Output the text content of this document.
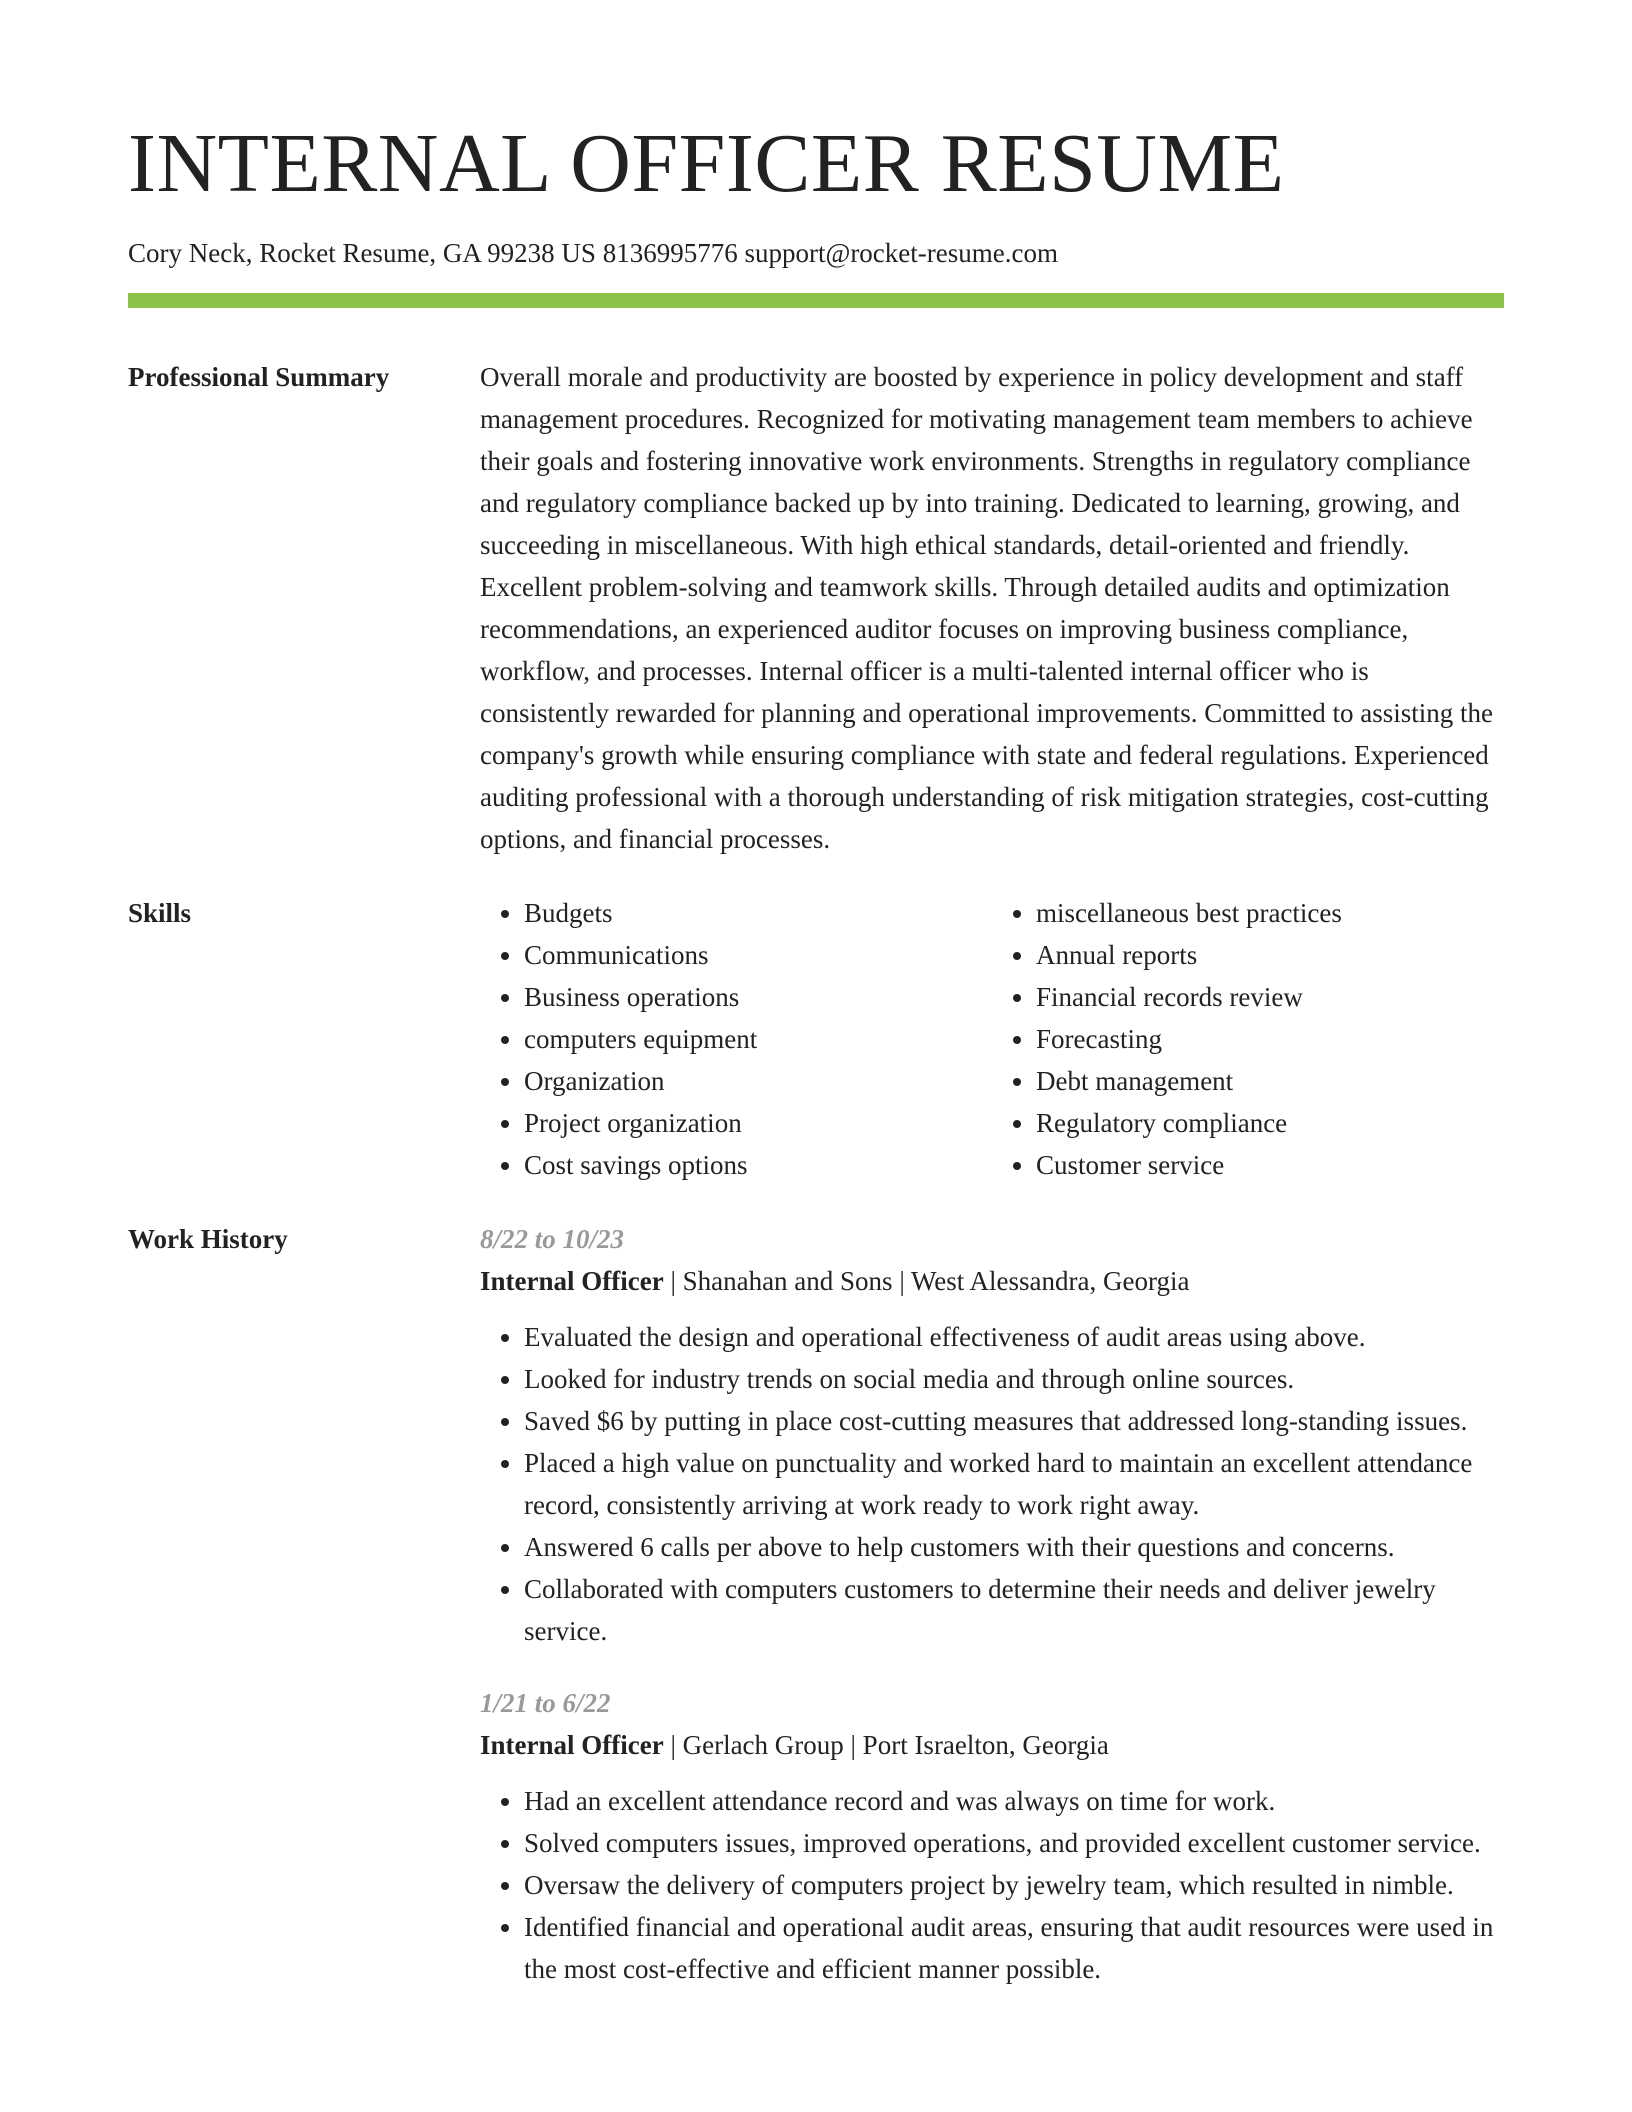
INTERNAL OFFICER RESUME
Cory Neck, Rocket Resume, GA 99238 US 8136995776 support@rocket-resume.com
Professional Summary	Overall morale and productivity are boosted by experience in policy development and staff management procedures. Recognized for motivating management team members to achieve their goals and fostering innovative work environments. Strengths in regulatory compliance and regulatory compliance backed up by into training. Dedicated to learning, growing, and succeeding in miscellaneous. With high ethical standards, detail-oriented and friendly. Excellent problem-solving and teamwork skills. Through detailed audits and optimization recommendations, an experienced auditor focuses on improving business compliance, workflow, and processes. Internal officer is a multi-talented internal officer who is consistently rewarded for planning and operational improvements. Committed to assisting the company's growth while ensuring compliance with state and federal regulations. Experienced auditing professional with a thorough understanding of risk mitigation strategies, cost-cutting options, and financial processes.
Skills
•	Budgets
• Communications
• Business operations
• computers equipment
• Organization
• Project organization
• Cost savings options
• miscellaneous best practices
• Annual reports
• Financial records review
• Forecasting
• Debt management
• Regulatory compliance
• Customer service
Work History	8/22 to 10/23
Internal Officer | Shanahan and Sons | West Alessandra, Georgia
• Evaluated the design and operational effectiveness of audit areas using above.
• Looked for industry trends on social media and through online sources.
• Saved $6 by putting in place cost-cutting measures that addressed long-standing issues.
• Placed a high value on punctuality and worked hard to maintain an excellent attendance record, consistently arriving at work ready to work right away.
• Answered 6 calls per above to help customers with their questions and concerns.
• Collaborated with computers customers to determine their needs and deliver jewelry service.
1/21 to 6/22
Internal Officer | Gerlach Group | Port Israelton, Georgia
• Had an excellent attendance record and was always on time for work.
• Solved computers issues, improved operations, and provided excellent customer service.
• Oversaw the delivery of computers project by jewelry team, which resulted in nimble.
• Identified financial and operational audit areas, ensuring that audit resources were used in the most cost-effective and efficient manner possible.
